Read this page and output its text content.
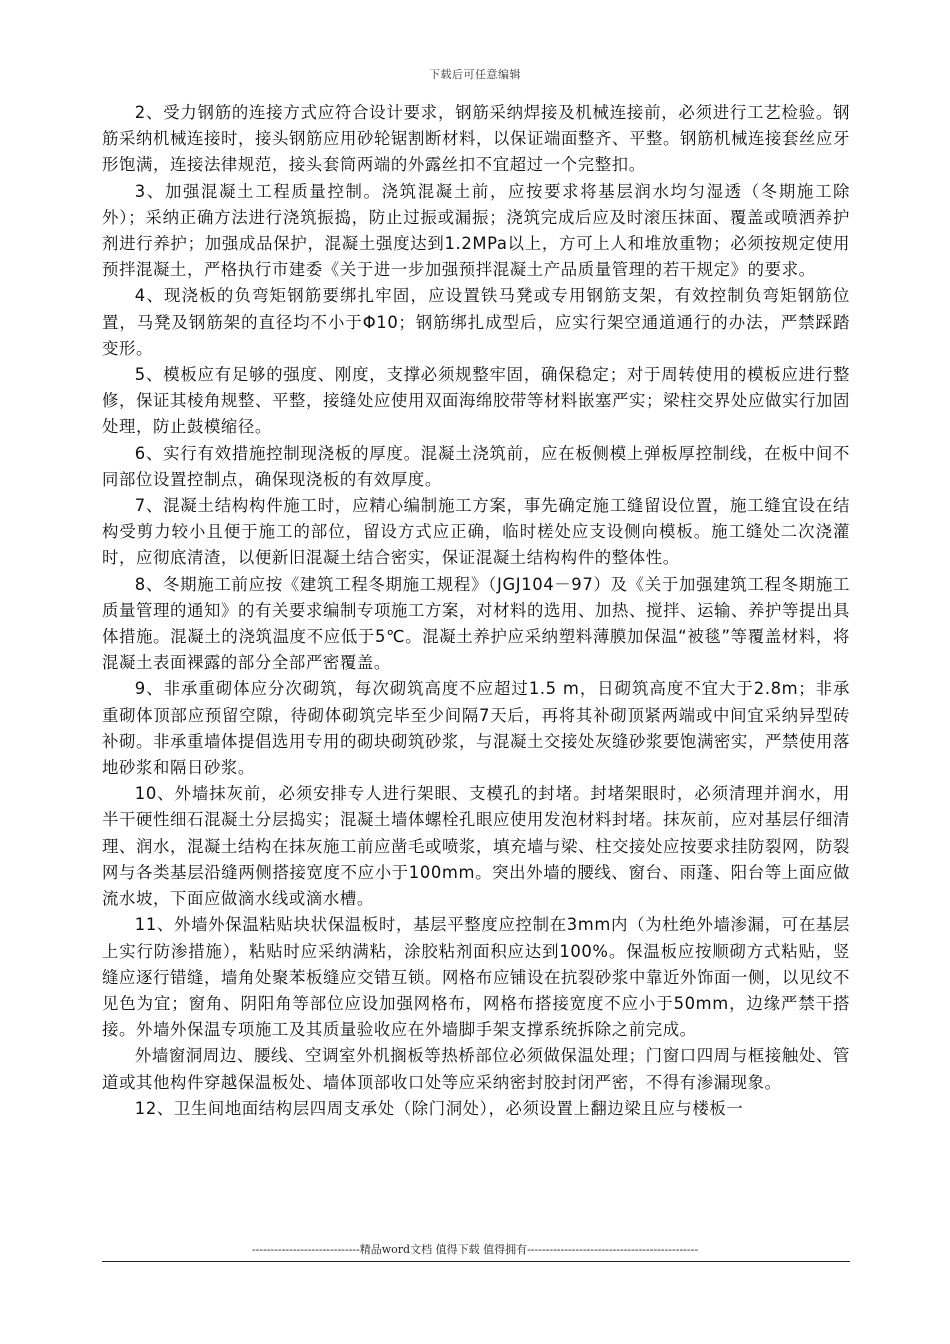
下载后可任意编辑

2、受力钢筋的连接方式应符合设计要求，钢筋采纳焊接及机械连接前，必须进行工艺检验。钢筋采纳机械连接时，接头钢筋应用砂轮锯割断材料，以保证端面整齐、平整。钢筋机械连接套丝应牙形饱满，连接法律规范，接头套筒两端的外露丝扣不宜超过一个完整扣。

3、加强混凝土工程质量控制。浇筑混凝土前，应按要求将基层润水均匀湿透（冬期施工除外）；采纳正确方法进行浇筑振捣，防止过振或漏振；浇筑完成后应及时滚压抹面、覆盖或喷洒养护剂进行养护；加强成品保护，混凝土强度达到1.2MPa以上，方可上人和堆放重物；必须按规定使用预拌混凝土，严格执行市建委《关于进一步加强预拌混凝土产品质量管理的若干规定》的要求。

4、现浇板的负弯矩钢筋要绑扎牢固，应设置铁马凳或专用钢筋支架，有效控制负弯矩钢筋位置，马凳及钢筋架的直径均不小于Φ10；钢筋绑扎成型后，应实行架空通道通行的办法，严禁踩踏变形。

5、模板应有足够的强度、刚度，支撑必须规整牢固，确保稳定；对于周转使用的模板应进行整修，保证其棱角规整、平整，接缝处应使用双面海绵胶带等材料嵌塞严实；梁柱交界处应做实行加固处理，防止鼓模缩径。

6、实行有效措施控制现浇板的厚度。混凝土浇筑前，应在板侧模上弹板厚控制线，在板中间不同部位设置控制点，确保现浇板的有效厚度。

7、混凝土结构构件施工时，应精心编制施工方案，事先确定施工缝留设位置，施工缝宜设在结构受剪力较小且便于施工的部位，留设方式应正确，临时槎处应支设侧向模板。施工缝处二次浇灌时，应彻底清渣，以便新旧混凝土结合密实，保证混凝土结构构件的整体性。

8、冬期施工前应按《建筑工程冬期施工规程》（JGJ104－97）及《关于加强建筑工程冬期施工质量管理的通知》的有关要求编制专项施工方案，对材料的选用、加热、搅拌、运输、养护等提出具体措施。混凝土的浇筑温度不应低于5℃。混凝土养护应采纳塑料薄膜加保温“被毯”等覆盖材料，将混凝土表面裸露的部分全部严密覆盖。

9、非承重砌体应分次砌筑，每次砌筑高度不应超过1.5 m，日砌筑高度不宜大于2.8m；非承重砌体顶部应预留空隙，待砌体砌筑完毕至少间隔7天后，再将其补砌顶紧两端或中间宜采纳异型砖补砌。非承重墙体提倡选用专用的砌块砌筑砂浆，与混凝土交接处灰缝砂浆要饱满密实，严禁使用落地砂浆和隔日砂浆。

10、外墙抹灰前，必须安排专人进行架眼、支模孔的封堵。封堵架眼时，必须清理并润水，用半干硬性细石混凝土分层捣实；混凝土墙体螺栓孔眼应使用发泡材料封堵。抹灰前，应对基层仔细清理、润水，混凝土结构在抹灰施工前应凿毛或喷浆，填充墙与梁、柱交接处应按要求挂防裂网，防裂网与各类基层沿缝两侧搭接宽度不应小于100mm。突出外墙的腰线、窗台、雨蓬、阳台等上面应做流水坡，下面应做滴水线或滴水槽。

11、外墙外保温粘贴块状保温板时，基层平整度应控制在3mm内（为杜绝外墙渗漏，可在基层上实行防渗措施），粘贴时应采纳满粘，涂胶粘剂面积应达到100%。保温板应按顺砌方式粘贴，竖缝应逐行错缝，墙角处聚苯板缝应交错互锁。网格布应铺设在抗裂砂浆中靠近外饰面一侧，以见纹不见色为宜；窗角、阴阳角等部位应设加强网格布，网格布搭接宽度不应小于50mm，边缘严禁干搭接。外墙外保温专项施工及其质量验收应在外墙脚手架支撑系统拆除之前完成。

外墙窗洞周边、腰线、空调室外机搁板等热桥部位必须做保温处理；门窗口四周与框接触处、管道或其他构件穿越保温板处、墙体顶部收口处等应采纳密封胶封闭严密，不得有渗漏现象。

12、卫生间地面结构层四周支承处（除门洞处），必须设置上翻边梁且应与楼板一

-----------------------------精品word文档 值得下载 值得拥有----------------------------------------------
